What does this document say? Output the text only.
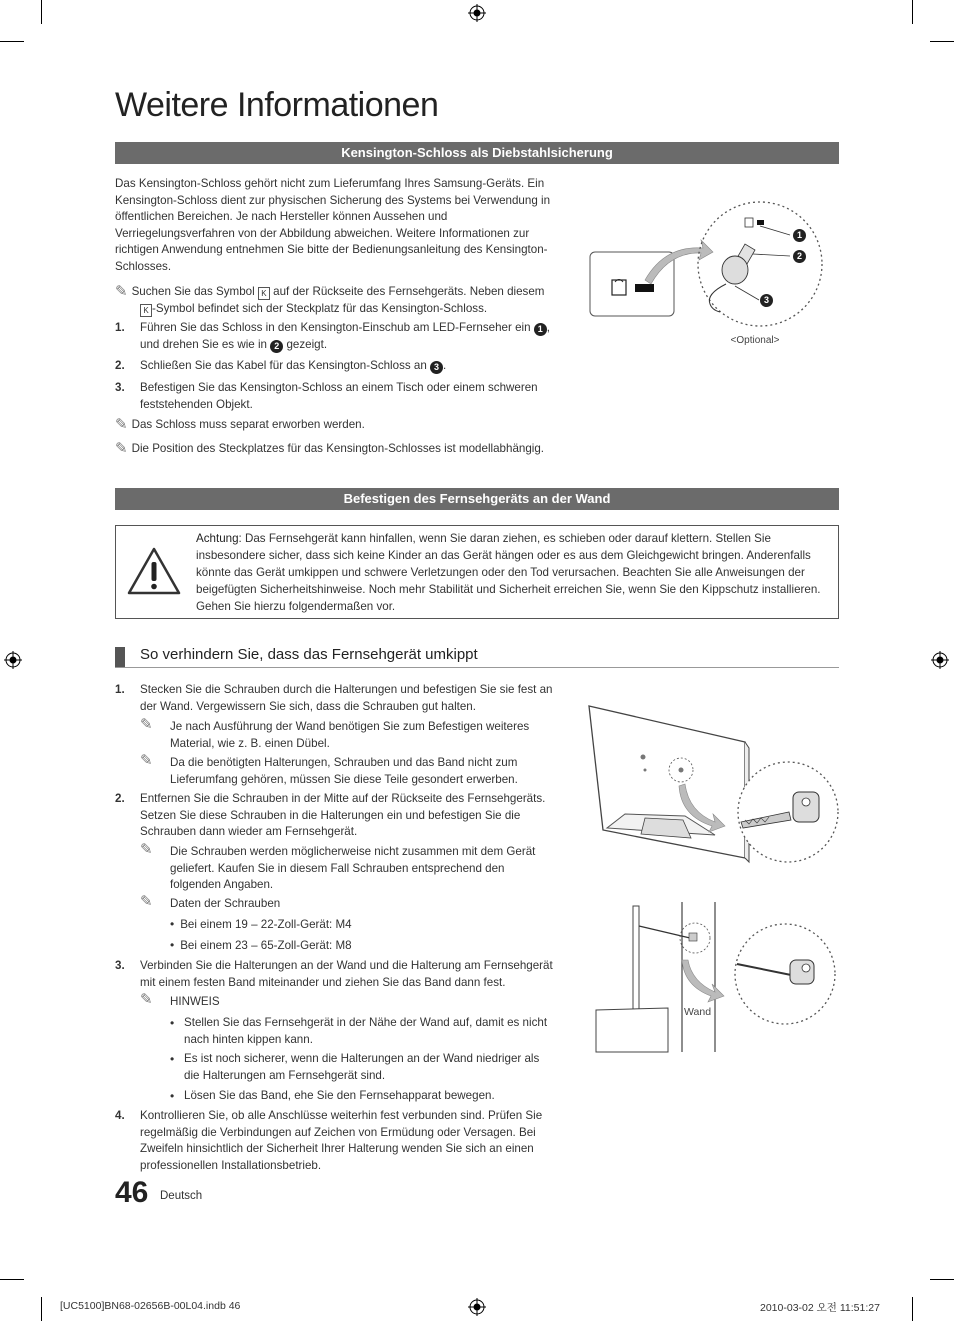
Weitere Informationen
Kensington-Schloss als Diebstahlsicherung
Das Kensington-Schloss gehört nicht zum Lieferumfang Ihres Samsung-Geräts. Ein Kensington-Schloss dient zur physischen Sicherung des Systems bei Verwendung in öffentlichen Bereichen. Je nach Hersteller können Aussehen und Verriegelungsverfahren von der Abbildung abweichen. Weitere Informationen zur richtigen Anwendung entnehmen Sie bitte der Bedienungsanleitung des Kensington-Schlosses.
✎ Suchen Sie das Symbol K auf der Rückseite des Fernsehgeräts. Neben diesem
K -Symbol befindet sich der Steckplatz für das Kensington-Schloss.
1. Führen Sie das Schloss in den Kensington-Einschub am LED-Fernseher ein 1 ,
und drehen Sie es wie in 2 gezeigt.
2. Schließen Sie das Kabel für das Kensington-Schloss an 3 .
3. Befestigen Sie das Kensington-Schloss an einem Tisch oder einem schweren feststehenden Objekt.
✎ Das Schloss muss separat erworben werden.
✎ Die Position des Steckplatzes für das Kensington-Schlosses ist modellabhängig.
1
2
3
<Optional>
Befestigen des Fernsehgeräts an der Wand
Achtung: Das Fernsehgerät kann hinfallen, wenn Sie daran ziehen, es schieben oder darauf klettern. Stellen Sie insbesondere sicher, dass sich keine Kinder an das Gerät hängen oder es aus dem Gleichgewicht bringen. Anderenfalls könnte das Gerät umkippen und schwere Verletzungen oder den Tod verursachen. Beachten Sie alle Anweisungen der beigefügten Sicherheitshinweise. Noch mehr Stabilität und Sicherheit erreichen Sie, wenn Sie den Kippschutz installieren. Gehen Sie hierzu folgendermaßen vor.
So verhindern Sie, dass das Fernsehgerät umkippt
1. Stecken Sie die Schrauben durch die Halterungen und befestigen Sie sie fest an der Wand. Vergewissern Sie sich, dass die Schrauben gut halten.
✎ Je nach Ausführung der Wand benötigen Sie zum Befestigen weiteres Material, wie z. B. einen Dübel.
✎ Da die benötigten Halterungen, Schrauben und das Band nicht zum Lieferumfang gehören, müssen Sie diese Teile gesondert erwerben.
2. Entfernen Sie die Schrauben in der Mitte auf der Rückseite des Fernsehgeräts. Setzen Sie diese Schrauben in die Halterungen ein und befestigen Sie die Schrauben dann wieder am Fernsehgerät.
✎ Die Schrauben werden möglicherweise nicht zusammen mit dem Gerät geliefert. Kaufen Sie in diesem Fall Schrauben entsprechend den folgenden Angaben.
✎ Daten der Schrauben
• Bei einem 19 – 22-Zoll-Gerät: M4
• Bei einem 23 – 65-Zoll-Gerät: M8
3. Verbinden Sie die Halterungen an der Wand und die Halterung am Fernsehgerät mit einem festen Band miteinander und ziehen Sie das Band dann fest.
✎ HINWEIS
• Stellen Sie das Fernsehgerät in der Nähe der Wand auf, damit es nicht nach hinten kippen kann.
• Es ist noch sicherer, wenn die Halterungen an der Wand niedriger als die Halterungen am Fernsehgerät sind.
• Lösen Sie das Band, ehe Sie den Fernsehapparat bewegen.
4. Kontrollieren Sie, ob alle Anschlüsse weiterhin fest verbunden sind. Prüfen Sie regelmäßig die Verbindungen auf Zeichen von Ermüdung oder Versagen. Bei Zweifeln hinsichtlich der Sicherheit Ihrer Halterung wenden Sie sich an einen professionellen Installationsbetrieb.
Wand
46 Deutsch
[UC5100]BN68-02656B-00L04.indb 46	2010-03-02 오전 11:51:27
